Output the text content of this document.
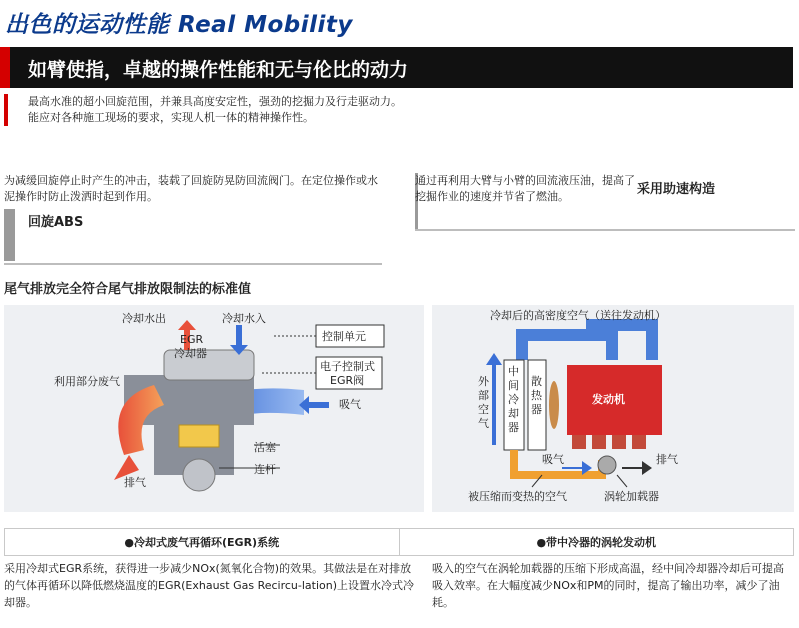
出色的运动性能 Real Mobility
如臂使指，卓越的操作性能和无与伦比的动力
最高水准的超小回旋范围，并兼具高度安定性，强劲的挖掘力及行走驱动力。
能应对各种施工现场的要求，实现人机一体的精神操作性。
为减缓回旋停止时产生的冲击，装载了回旋防晃防回流阀门。在定位操作或水泥操作时防止泼洒时起到作用。
回旋ABS
通过再利用大臂与小臂的回流液压油，提高了挖掘作业的速度并节省了燃油。	采用助速构造
尾气排放完全符合尾气排放限制法的标准值
冷却水出	冷却水入
EGR
冷却器
控制单元
电子控制式
EGR阀
利用部分废气
吸气
活塞
连杆
排气
冷却后的高密度空气（送往发动机）
外
部
空
气
中
间
冷
却
器
散
热
器
发动机
吸气	排气
被压缩而变热的空气	涡轮加载器
●冷却式废气再循环(EGR)系统	●带中冷器的涡轮发动机
采用冷却式EGR系统，获得进一步减少NOx(氮氧化合物)的效果。其做法是在对排放的气体再循环以降低燃烧温度的EGR(Exhaust Gas Recircu-lation)上设置水冷式冷却器。
吸入的空气在涡轮加载器的压缩下形成高温，经中间冷却器冷却后可提高吸入效率。在大幅度减少NOx和PM的同时，提高了输出功率，减少了油耗。
